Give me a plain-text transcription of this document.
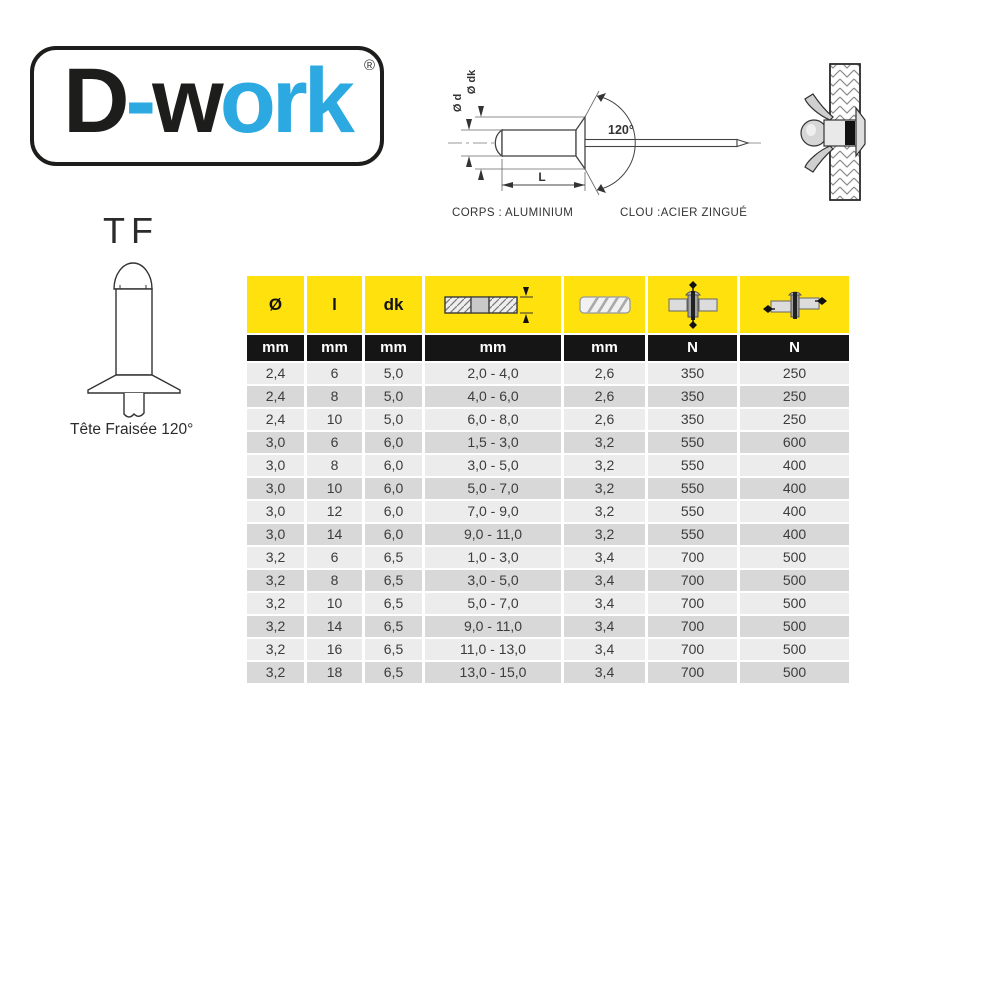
D-work ®
Ø d
Ø dk
L
120°
CORPS : ALUMINIUM	CLOU :ACIER ZINGUÉ
TF
Tête Fraisée 120°
Ø	l	dk
mm	mm	mm	mm	mm	N	N
2,4	6	5,0	2,0 - 4,0	2,6	350	250
2,4	8	5,0	4,0 - 6,0	2,6	350	250
2,4	10	5,0	6,0 - 8,0	2,6	350	250
3,0	6	6,0	1,5 - 3,0	3,2	550	600
3,0	8	6,0	3,0 - 5,0	3,2	550	400
3,0	10	6,0	5,0 - 7,0	3,2	550	400
3,0	12	6,0	7,0 - 9,0	3,2	550	400
3,0	14	6,0	9,0 - 11,0	3,2	550	400
3,2	6	6,5	1,0 - 3,0	3,4	700	500
3,2	8	6,5	3,0 - 5,0	3,4	700	500
3,2	10	6,5	5,0 - 7,0	3,4	700	500
3,2	14	6,5	9,0 - 11,0	3,4	700	500
3,2	16	6,5	11,0 - 13,0	3,4	700	500
3,2	18	6,5	13,0 - 15,0	3,4	700	500
